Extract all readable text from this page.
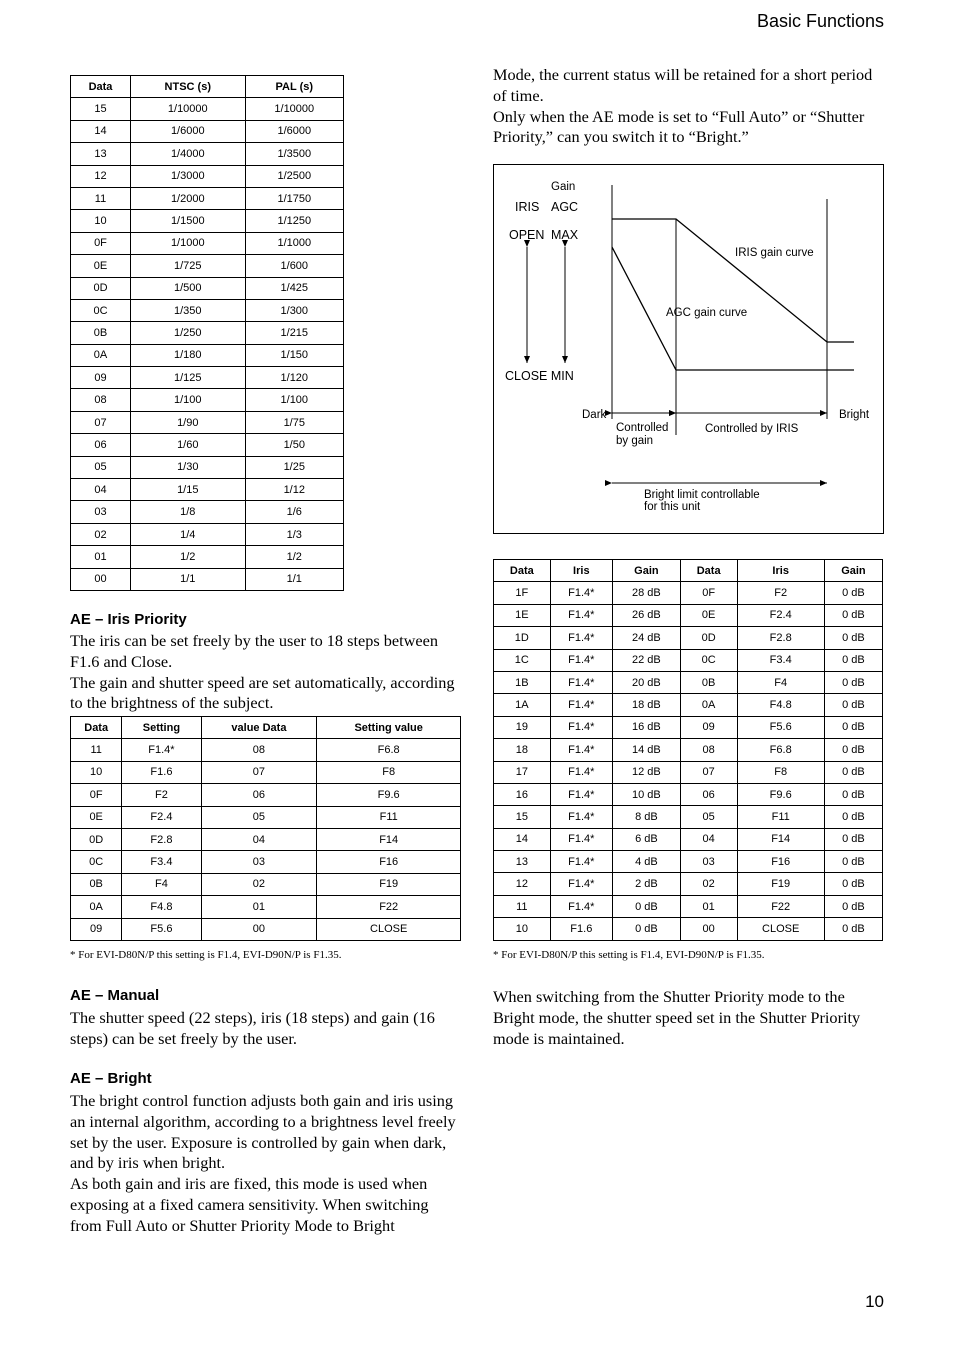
Basic Functions
Data	NTSC (s)	PAL (s)
15	1/10000	1/10000
14	1/6000	1/6000
13	1/4000	1/3500
12	1/3000	1/2500
11	1/2000	1/1750
10	1/1500	1/1250
0F	1/1000	1/1000
0E	1/725	1/600
0D	1/500	1/425
0C	1/350	1/300
0B	1/250	1/215
0A	1/180	1/150
09	1/125	1/120
08	1/100	1/100
07	1/90	1/75
06	1/60	1/50
05	1/30	1/25
04	1/15	1/12
03	1/8	1/6
02	1/4	1/3
01	1/2	1/2
00	1/1	1/1
AE – Iris Priority

The iris can be set freely by the user to 18 steps between F1.6 and Close.

The gain and shutter speed are set automatically, according to the brightness of the subject.

Data	Setting	value Data	Setting value
11	F1.4*	08	F6.8
10	F1.6	07	F8
0F	F2	06	F9.6
0E	F2.4	05	F11
0D	F2.8	04	F14
0C	F3.4	03	F16
0B	F4	02	F19
0A	F4.8	01	F22
09	F5.6	00	CLOSE
* For EVI-D80N/P this setting is F1.4, EVI-D90N/P is F1.35.
AE – Manual

The shutter speed (22 steps), iris (18 steps) and gain (16 steps) can be set freely by the user.

AE – Bright

The bright control function adjusts both gain and iris using an internal algorithm, according to a brightness level freely set by the user. Exposure is controlled by gain when dark, and by iris when bright.

As both gain and iris are fixed, this mode is used when exposing at a fixed camera sensitivity. When switching from Full Auto or Shutter Priority Mode to Bright

Mode, the current status will be retained for a short period of time.

Only when the AE mode is set to “Full Auto” or “Shutter Priority,” can you switch it to “Bright.”

Gain
IRIS AGC
OPEN MAX
CLOSE MIN
IRIS gain curve
AGC gain curve
Dark	Bright
Controlled
by gain
Controlled by IRIS
Bright limit controllable
for this unit
Data	Iris	Gain	Data	Iris	Gain
1F	F1.4*	28 dB	0F	F2	0 dB
1E	F1.4*	26 dB	0E	F2.4	0 dB
1D	F1.4*	24 dB	0D	F2.8	0 dB
1C	F1.4*	22 dB	0C	F3.4	0 dB
1B	F1.4*	20 dB	0B	F4	0 dB
1A	F1.4*	18 dB	0A	F4.8	0 dB
19	F1.4*	16 dB	09	F5.6	0 dB
18	F1.4*	14 dB	08	F6.8	0 dB
17	F1.4*	12 dB	07	F8	0 dB
16	F1.4*	10 dB	06	F9.6	0 dB
15	F1.4*	8 dB	05	F11	0 dB
14	F1.4*	6 dB	04	F14	0 dB
13	F1.4*	4 dB	03	F16	0 dB
12	F1.4*	2 dB	02	F19	0 dB
11	F1.4*	0 dB	01	F22	0 dB
10	F1.6	0 dB	00	CLOSE	0 dB
* For EVI-D80N/P this setting is F1.4, EVI-D90N/P is F1.35.

When switching from the Shutter Priority mode to the Bright mode, the shutter speed set in the Shutter Priority mode is maintained.

10
